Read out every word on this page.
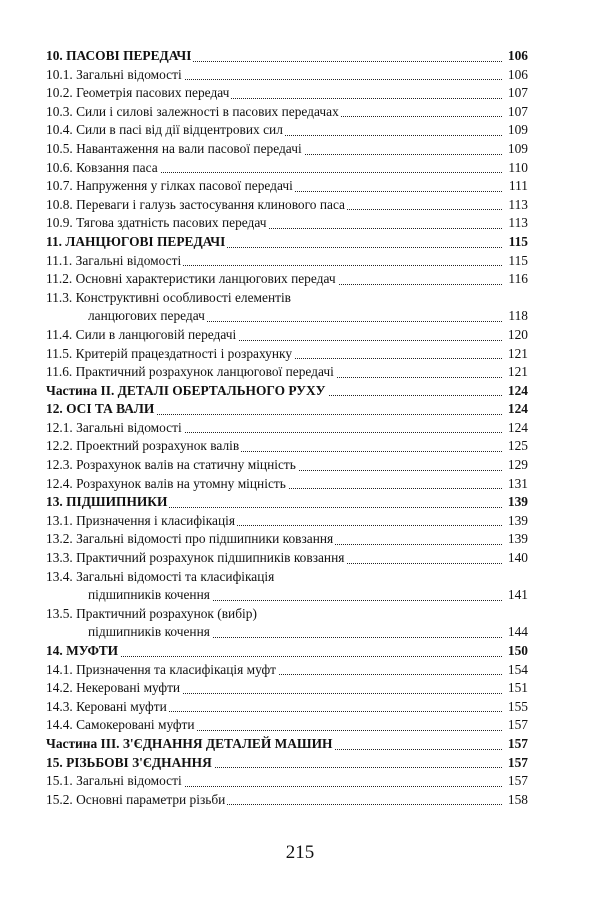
10. ПАСОВІ ПЕРЕДАЧІ	106
10.1. Загальні відомості	106
10.2. Геометрія пасових передач	107
10.3. Сили і силові залежності в пасових передачах	107
10.4. Сили в пасі від дії відцентрових сил	109
10.5. Навантаження на вали пасової передачі	109
10.6. Ковзання паса	110
10.7. Напруження у гілках пасової передачі	111
10.8. Переваги і галузь застосування клинового паса	113
10.9. Тягова здатність пасових передач	113
11. ЛАНЦЮГОВІ ПЕРЕДАЧІ	115
11.1. Загальні відомості	115
11.2. Основні характеристики ланцюгових передач	116
11.3. Конструктивні особливості елементів
ланцюгових передач	118
11.4. Сили в ланцюговій передачі	120
11.5. Критерій працездатності і розрахунку	121
11.6. Практичний розрахунок ланцюгової передачі	121
Частина ІІ. ДЕТАЛІ ОБЕРТАЛЬНОГО РУХУ	124
12. ОСІ ТА ВАЛИ	124
12.1. Загальні відомості	124
12.2. Проектний розрахунок валів	125
12.3. Розрахунок валів на статичну міцність	129
12.4. Розрахунок валів на утомну міцність	131
13. ПІДШИПНИКИ	139
13.1. Призначення і класифікація	139
13.2. Загальні відомості про підшипники ковзання	139
13.3. Практичний розрахунок підшипників ковзання	140
13.4. Загальні відомості та класифікація
підшипників кочення	141
13.5. Практичний розрахунок (вибір)
підшипників кочення	144
14. МУФТИ	150
14.1. Призначення та класифікація муфт	154
14.2. Некеровані муфти	151
14.3. Керовані муфти	155
14.4. Самокеровані муфти	157
Частина ІІІ. З'ЄДНАННЯ ДЕТАЛЕЙ МАШИН	157
15. РІЗЬБОВІ З'ЄДНАННЯ	157
15.1. Загальні відомості	157
15.2. Основні параметри різьби	158
215
